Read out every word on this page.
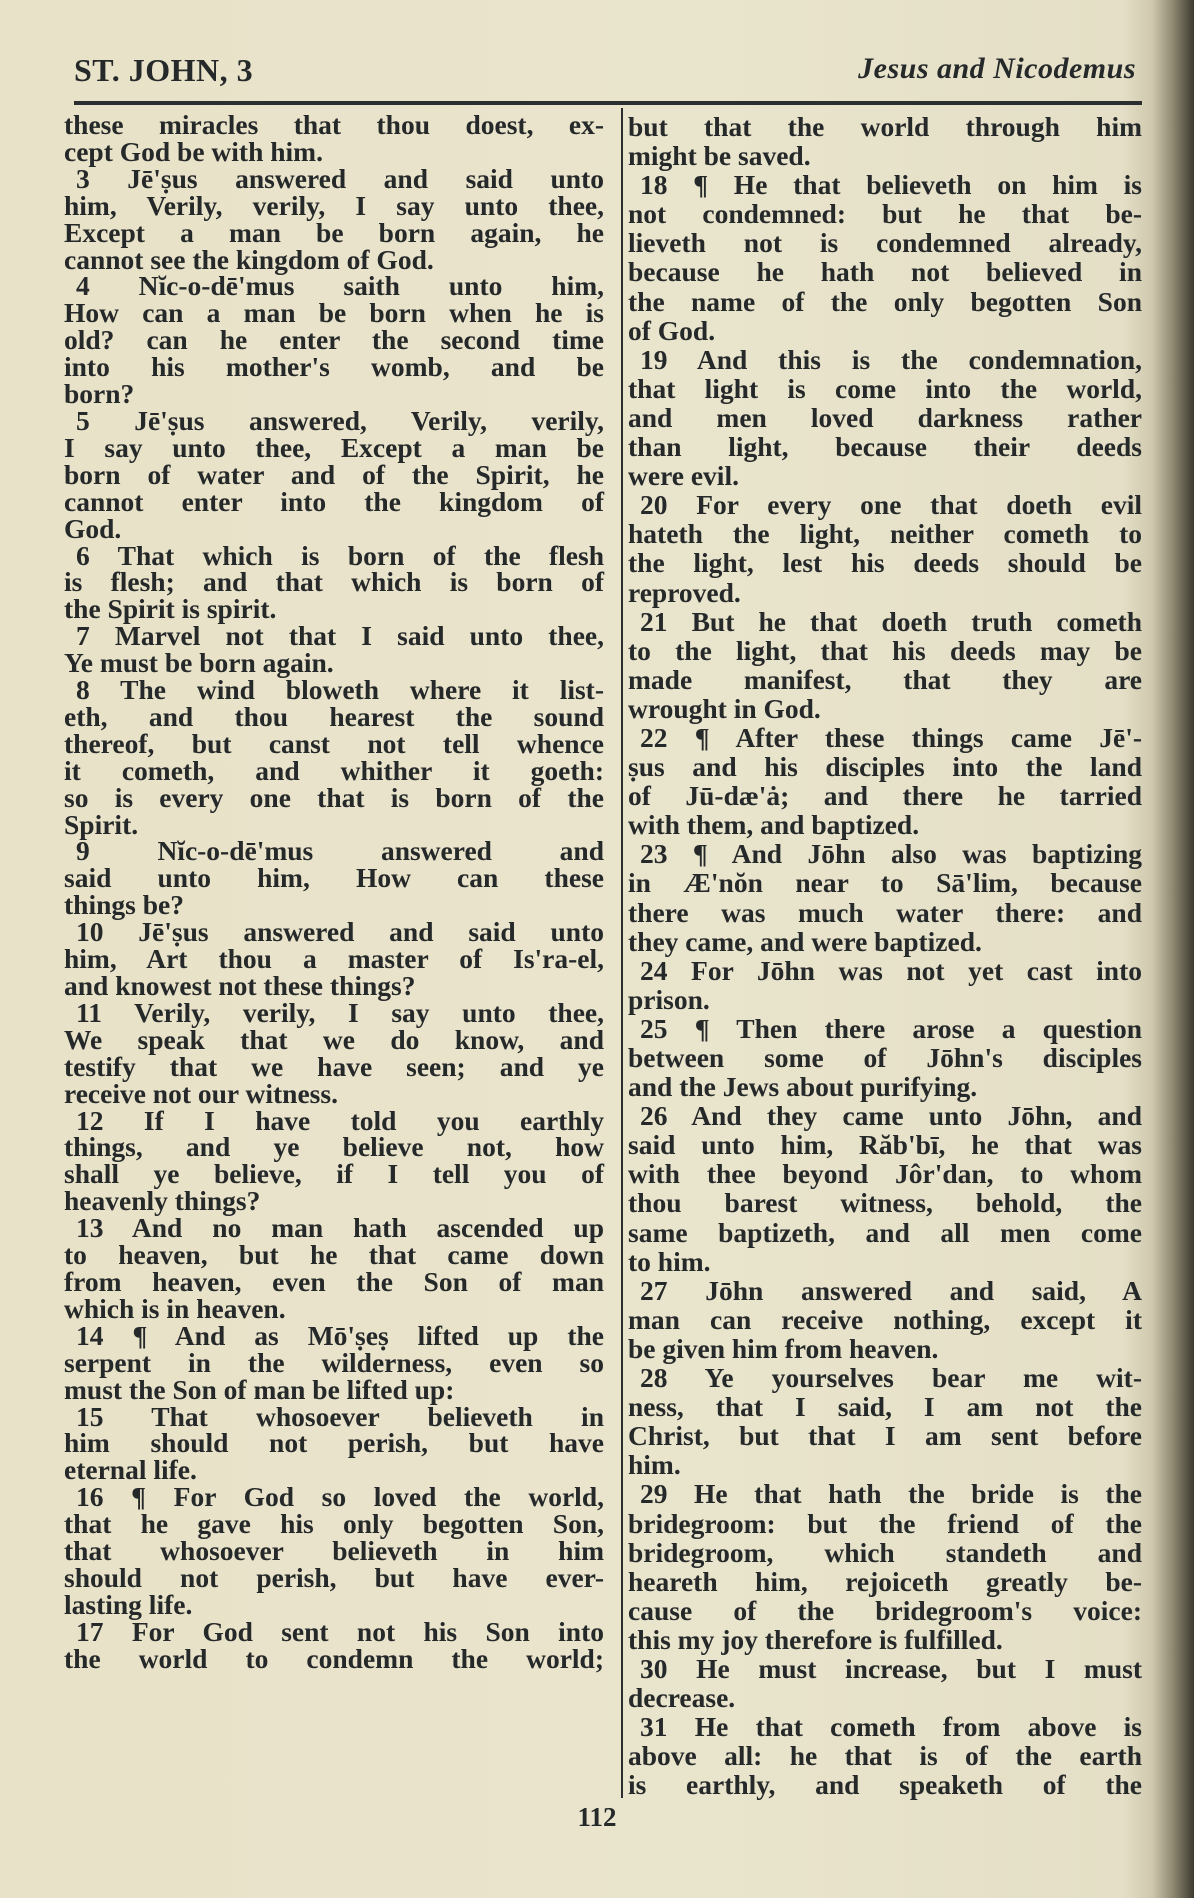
ST. JOHN, 3	Jesus and Nicodemus
these miracles that thou doest, ex-
cept God be with him.
3 Jē'ṣus answered and said unto
him, Verily, verily, I say unto thee,
Except a man be born again, he
cannot see the kingdom of God.
4 Nĭc-o-dē'mus saith unto him,
How can a man be born when he is
old? can he enter the second time
into his mother's womb, and be
born?
5 Jē'ṣus answered, Verily, verily,
I say unto thee, Except a man be
born of water and of the Spirit, he
cannot enter into the kingdom of
God.
6 That which is born of the flesh
is flesh; and that which is born of
the Spirit is spirit.
7 Marvel not that I said unto thee,
Ye must be born again.
8 The wind bloweth where it list-
eth, and thou hearest the sound
thereof, but canst not tell whence
it cometh, and whither it goeth:
so is every one that is born of the
Spirit.
9 Nĭc-o-dē'mus answered and
said unto him, How can these
things be?
10 Jē'ṣus answered and said unto
him, Art thou a master of Is'ra-el,
and knowest not these things?
11 Verily, verily, I say unto thee,
We speak that we do know, and
testify that we have seen; and ye
receive not our witness.
12 If I have told you earthly
things, and ye believe not, how
shall ye believe, if I tell you of
heavenly things?
13 And no man hath ascended up
to heaven, but he that came down
from heaven, even the Son of man
which is in heaven.
14 ¶ And as Mō'ṣeṣ lifted up the
serpent in the wilderness, even so
must the Son of man be lifted up:
15 That whosoever believeth in
him should not perish, but have
eternal life.
16 ¶ For God so loved the world,
that he gave his only begotten Son,
that whosoever believeth in him
should not perish, but have ever-
lasting life.
17 For God sent not his Son into
the world to condemn the world;
but that the world through him
might be saved.
18 ¶ He that believeth on him is
not condemned: but he that be-
lieveth not is condemned already,
because he hath not believed in
the name of the only begotten Son
of God.
19 And this is the condemnation,
that light is come into the world,
and men loved darkness rather
than light, because their deeds
were evil.
20 For every one that doeth evil
hateth the light, neither cometh to
the light, lest his deeds should be
reproved.
21 But he that doeth truth cometh
to the light, that his deeds may be
made manifest, that they are
wrought in God.
22 ¶ After these things came Jē'-
ṣus and his disciples into the land
of Jū-dæ'ȧ; and there he tarried
with them, and baptized.
23 ¶ And Jōhn also was baptizing
in Æ'nŏn near to Sā'lim, because
there was much water there: and
they came, and were baptized.
24 For Jōhn was not yet cast into
prison.
25 ¶ Then there arose a question
between some of Jōhn's disciples
and the Jews about purifying.
26 And they came unto Jōhn, and
said unto him, Răb'bī, he that was
with thee beyond Jôr'dan, to whom
thou barest witness, behold, the
same baptizeth, and all men come
to him.
27 Jōhn answered and said, A
man can receive nothing, except it
be given him from heaven.
28 Ye yourselves bear me wit-
ness, that I said, I am not the
Christ, but that I am sent before
him.
29 He that hath the bride is the
bridegroom: but the friend of the
bridegroom, which standeth and
heareth him, rejoiceth greatly be-
cause of the bridegroom's voice:
this my joy therefore is fulfilled.
30 He must increase, but I must
decrease.
31 He that cometh from above is
above all: he that is of the earth
is earthly, and speaketh of the
112
